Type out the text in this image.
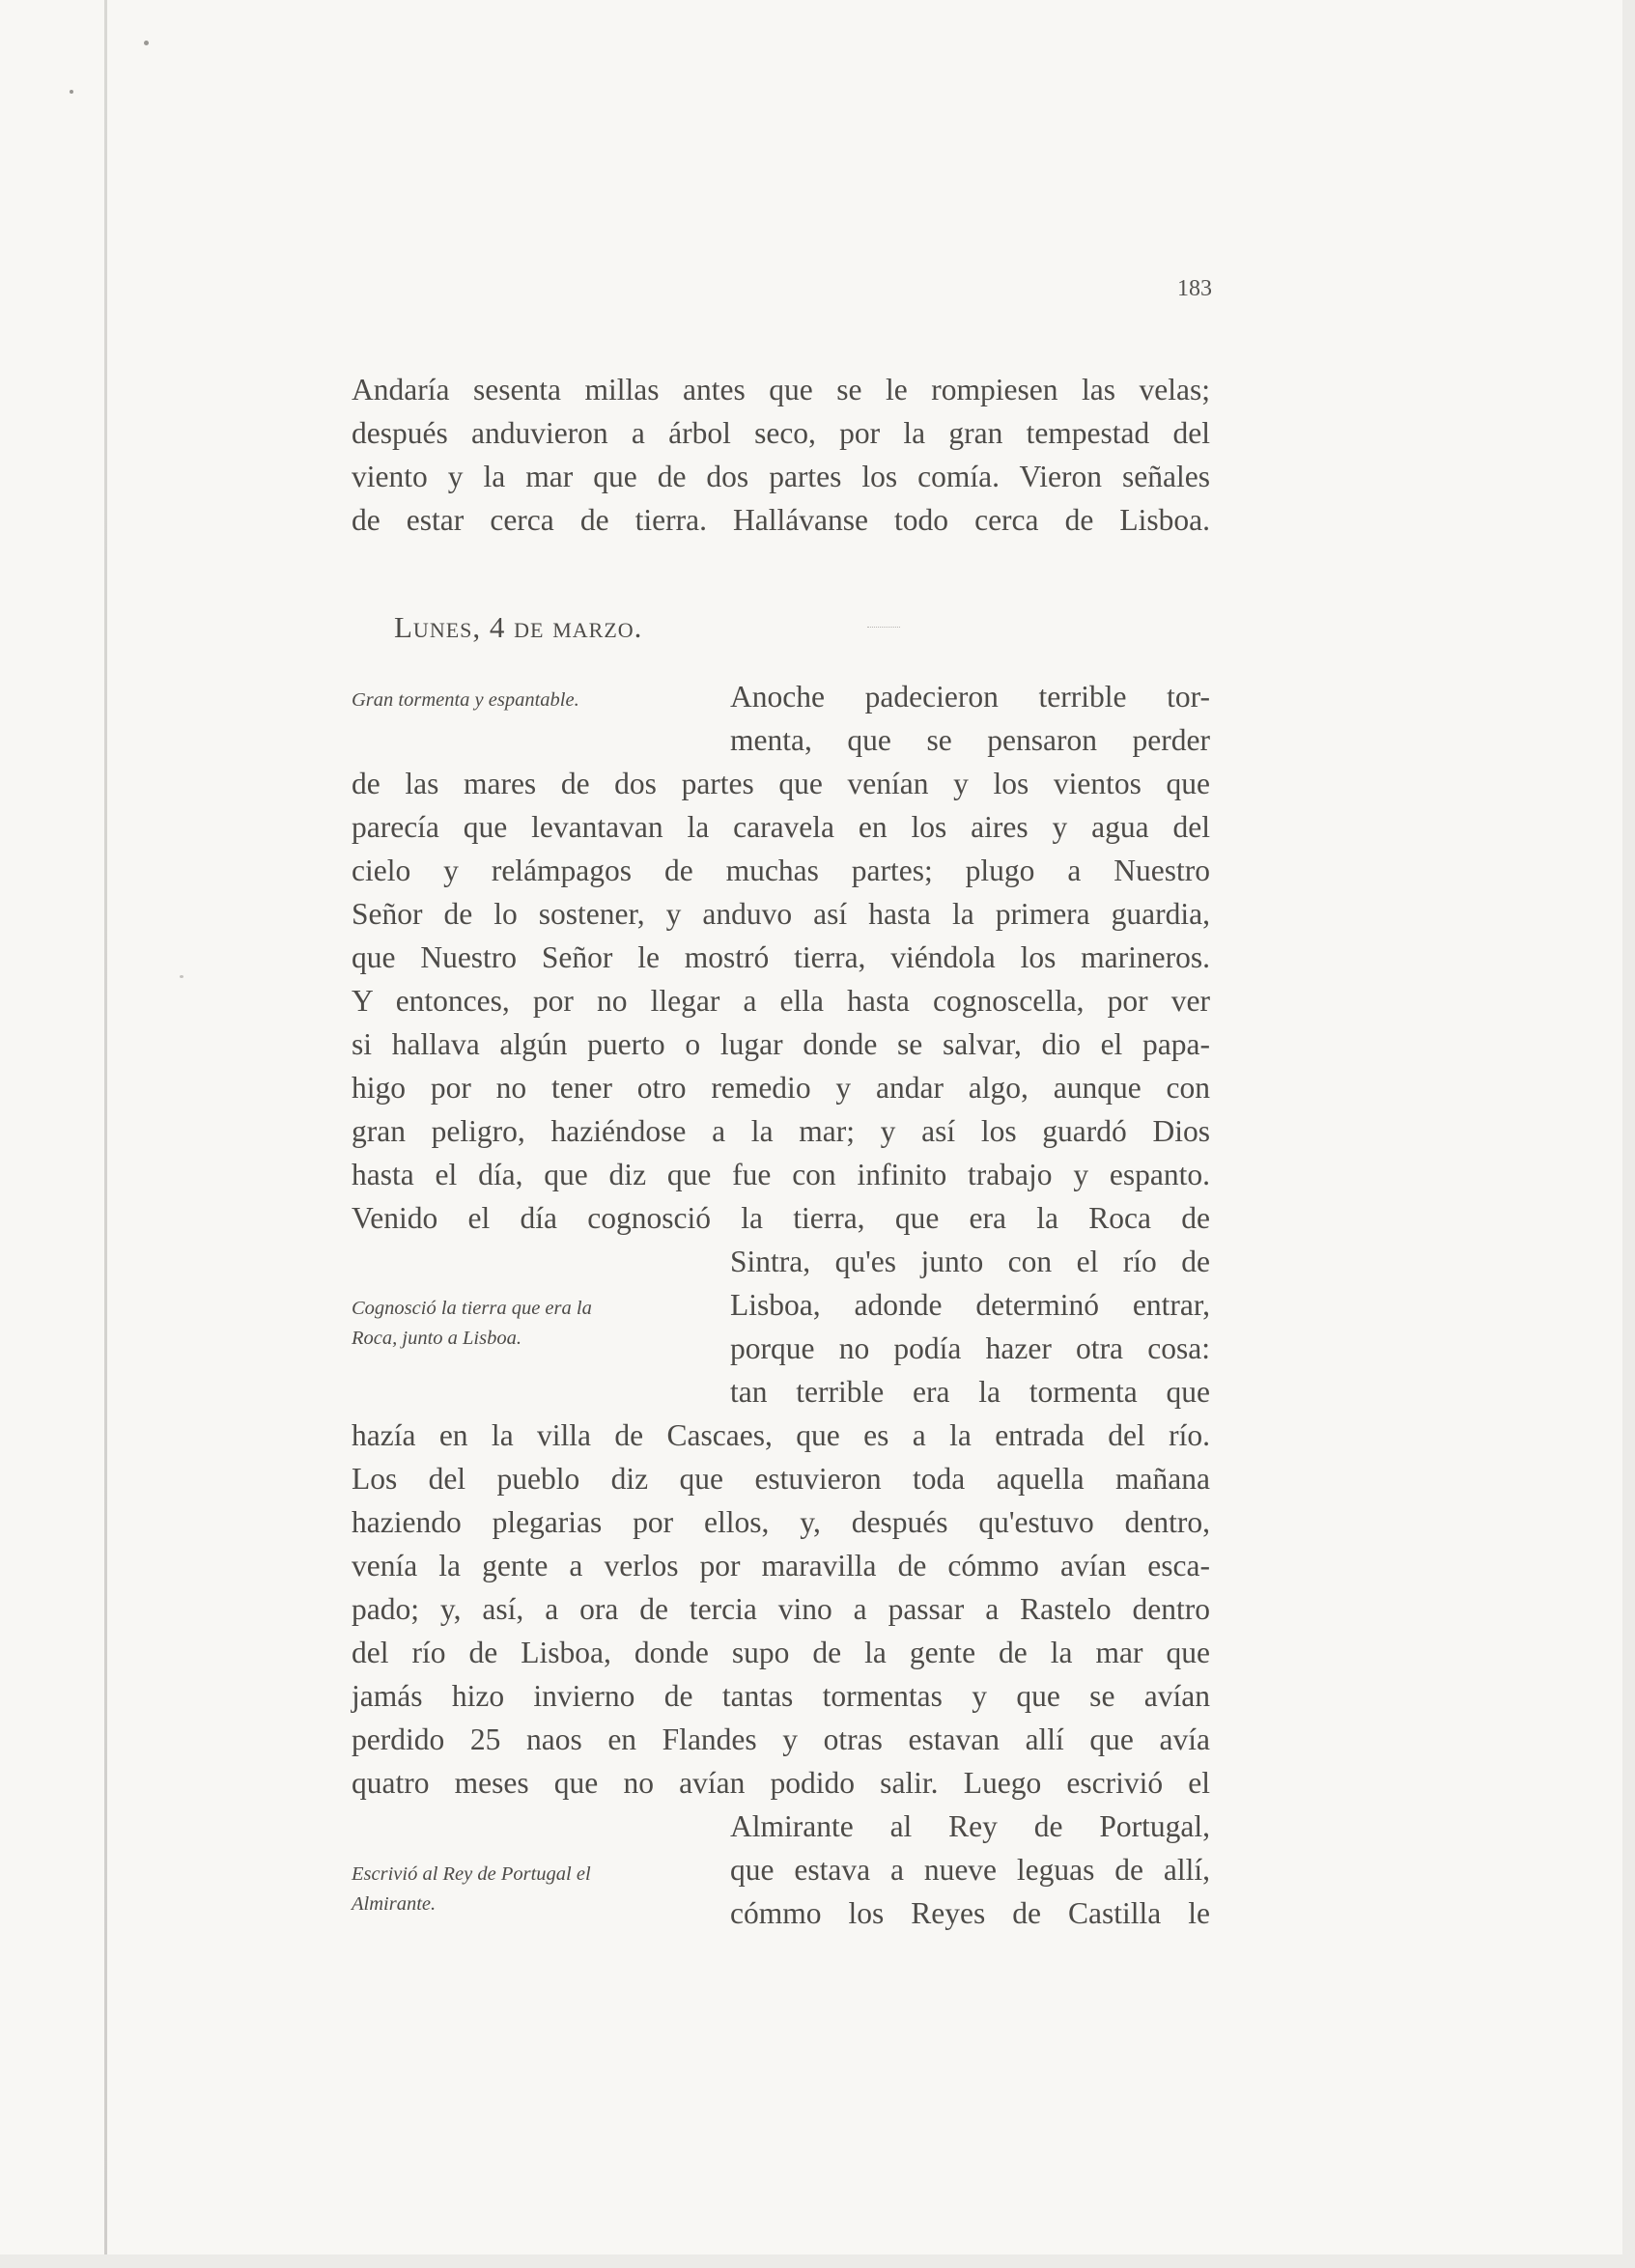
183
Andaría sesenta millas antes que se le rompiesen las velas;
después anduvieron a árbol seco, por la gran tempestad del
viento y la mar que de dos partes los comía. Vieron señales
de estar cerca de tierra. Hallávanse todo cerca de Lisboa.
Lunes, 4 de marzo.
Gran tormenta y espantable.	Anoche padecieron terrible tor-
menta, que se pensaron perder
de las mares de dos partes que venían y los vientos que
parecía que levantavan la caravela en los aires y agua del
cielo y relámpagos de muchas partes; plugo a Nuestro
Señor de lo sostener, y anduvo así hasta la primera guardia,
que Nuestro Señor le mostró tierra, viéndola los marineros.
Y entonces, por no llegar a ella hasta cognoscella, por ver
si hallava algún puerto o lugar donde se salvar, dio el papa-
higo por no tener otro remedio y andar algo, aunque con
gran peligro, haziéndose a la mar; y así los guardó Dios
hasta el día, que diz que fue con infinito trabajo y espanto.
Venido el día cognosció la tierra, que era la Roca de
Sintra, qu'es junto con el río de
Lisboa, adonde determinó entrar,
porque no podía hazer otra cosa:
tan terrible era la tormenta que
Cognosció la tierra que era la
Roca, junto a Lisboa.
hazía en la villa de Cascaes, que es a la entrada del río.
Los del pueblo diz que estuvieron toda aquella mañana
haziendo plegarias por ellos, y, después qu'estuvo dentro,
venía la gente a verlos por maravilla de cómmo avían esca-
pado; y, así, a ora de tercia vino a passar a Rastelo dentro
del río de Lisboa, donde supo de la gente de la mar que
jamás hizo invierno de tantas tormentas y que se avían
perdido 25 naos en Flandes y otras estavan allí que avía
quatro meses que no avían podido salir. Luego escrivió el
Almirante al Rey de Portugal,
que estava a nueve leguas de allí,
cómmo los Reyes de Castilla le
Escrivió al Rey de Portugal el
Almirante.
